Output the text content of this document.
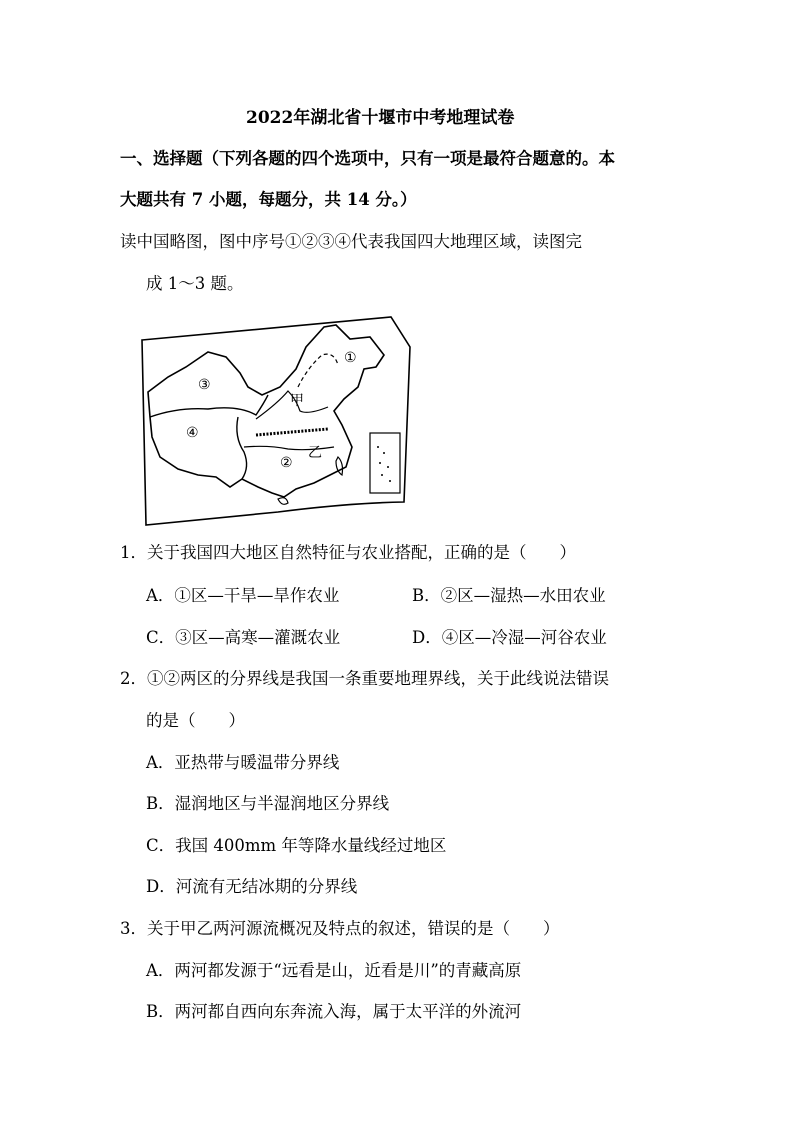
2022年湖北省十堰市中考地理试卷
一、选择题（下列各题的四个选项中，只有一项是最符合题意的。本
大题共有 7 小题，每题分，共 14 分。）
读中国略图，图中序号①②③④代表我国四大地理区域，读图完
成 1～3 题。
①
③
④
②
甲
乙
1．关于我国四大地区自然特征与农业搭配，正确的是（　　）
A．①区—干旱—旱作农业	B．②区—湿热—水田农业
C．③区—高寒—灌溉农业	D．④区—冷湿—河谷农业
2．①②两区的分界线是我国一条重要地理界线，关于此线说法错误
的是（　　）
A．亚热带与暖温带分界线
B．湿润地区与半湿润地区分界线
C．我国 400mm 年等降水量线经过地区
D．河流有无结冰期的分界线
3．关于甲乙两河源流概况及特点的叙述，错误的是（　　）
A．两河都发源于“远看是山，近看是川”的青藏高原
B．两河都自西向东奔流入海，属于太平洋的外流河
